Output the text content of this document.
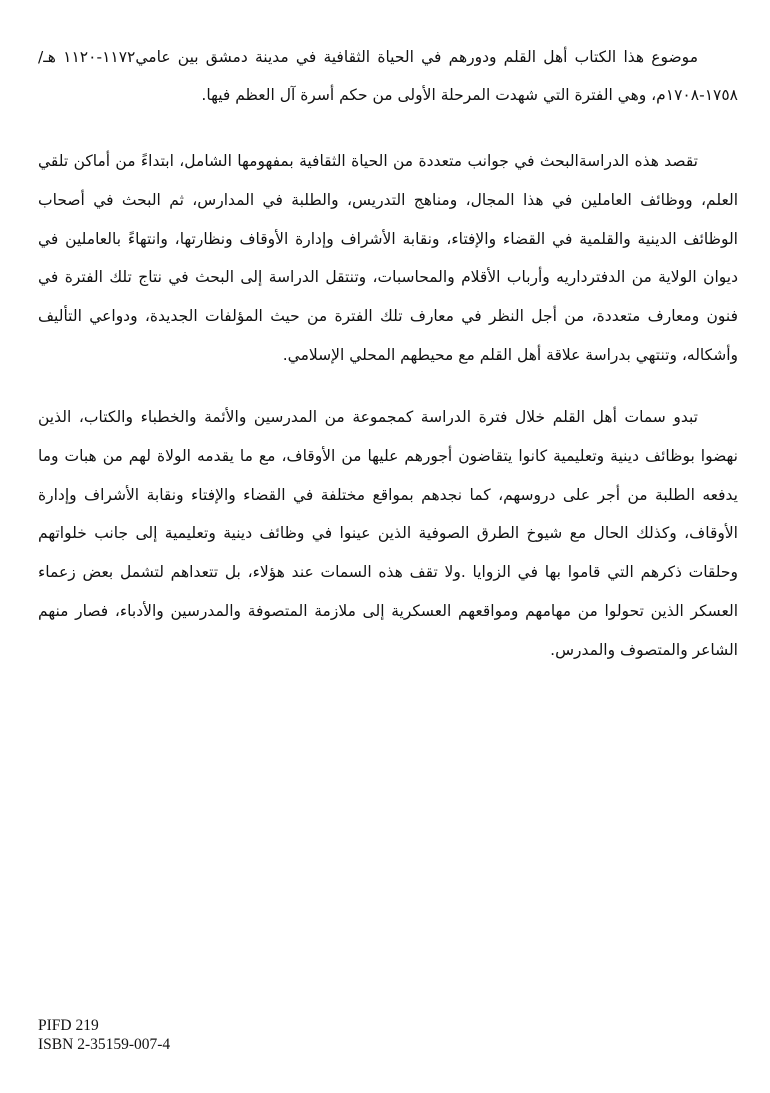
موضوع هذا الكتاب أهل القلم ودورهم في الحياة الثقافية في مدينة دمشق بين عامي١١٧٢-١١٢٠ هـ/ ١٧٥٨-١٧٠٨م، وهي الفترة التي شهدت المرحلة الأولى من حكم أسرة آل العظم فيها.

تقصد هذه الدراسةالبحث في جوانب متعددة من الحياة الثقافية بمفهومها الشامل، ابتداءً من أماكن تلقي العلم، ووظائف العاملين في هذا المجال، ومناهج التدريس، والطلبة في المدارس، ثم البحث في أصحاب الوظائف الدينية والقلمية في القضاء والإفتاء، ونقابة الأشراف وإدارة الأوقاف ونظارتها، وانتهاءً بالعاملين في ديوان الولاية من الدفترداريه وأرباب الأقلام والمحاسبات، وتنتقل الدراسة إلى البحث في نتاج تلك الفترة في فنون ومعارف متعددة، من أجل النظر في معارف تلك الفترة من حيث المؤلفات الجديدة، ودواعي التأليف وأشكاله، وتنتهي بدراسة علاقة أهل القلم مع محيطهم المحلي الإسلامي.

تبدو سمات أهل القلم خلال فترة الدراسة كمجموعة من المدرسين والأئمة والخطباء والكتاب، الذين نهضوا بوظائف دينية وتعليمية كانوا يتقاضون أجورهم عليها من الأوقاف، مع ما يقدمه الولاة لهم من هبات وما يدفعه الطلبة من أجر على دروسهم، كما نجدهم بمواقع مختلفة في القضاء والإفتاء ونقابة الأشراف وإدارة الأوقاف، وكذلك الحال مع شيوخ الطرق الصوفية الذين عينوا في وظائف دينية وتعليمية إلى جانب خلواتهم وحلقات ذكرهم التي قاموا بها في الزوايا .ولا تقف هذه السمات عند هؤلاء، بل تتعداهم لتشمل بعض زعماء العسكر الذين تحولوا من مهامهم ومواقعهم العسكرية إلى ملازمة المتصوفة والمدرسين والأدباء، فصار منهم الشاعر والمتصوف والمدرس.

PIFD 219
ISBN 2-35159-007-4
